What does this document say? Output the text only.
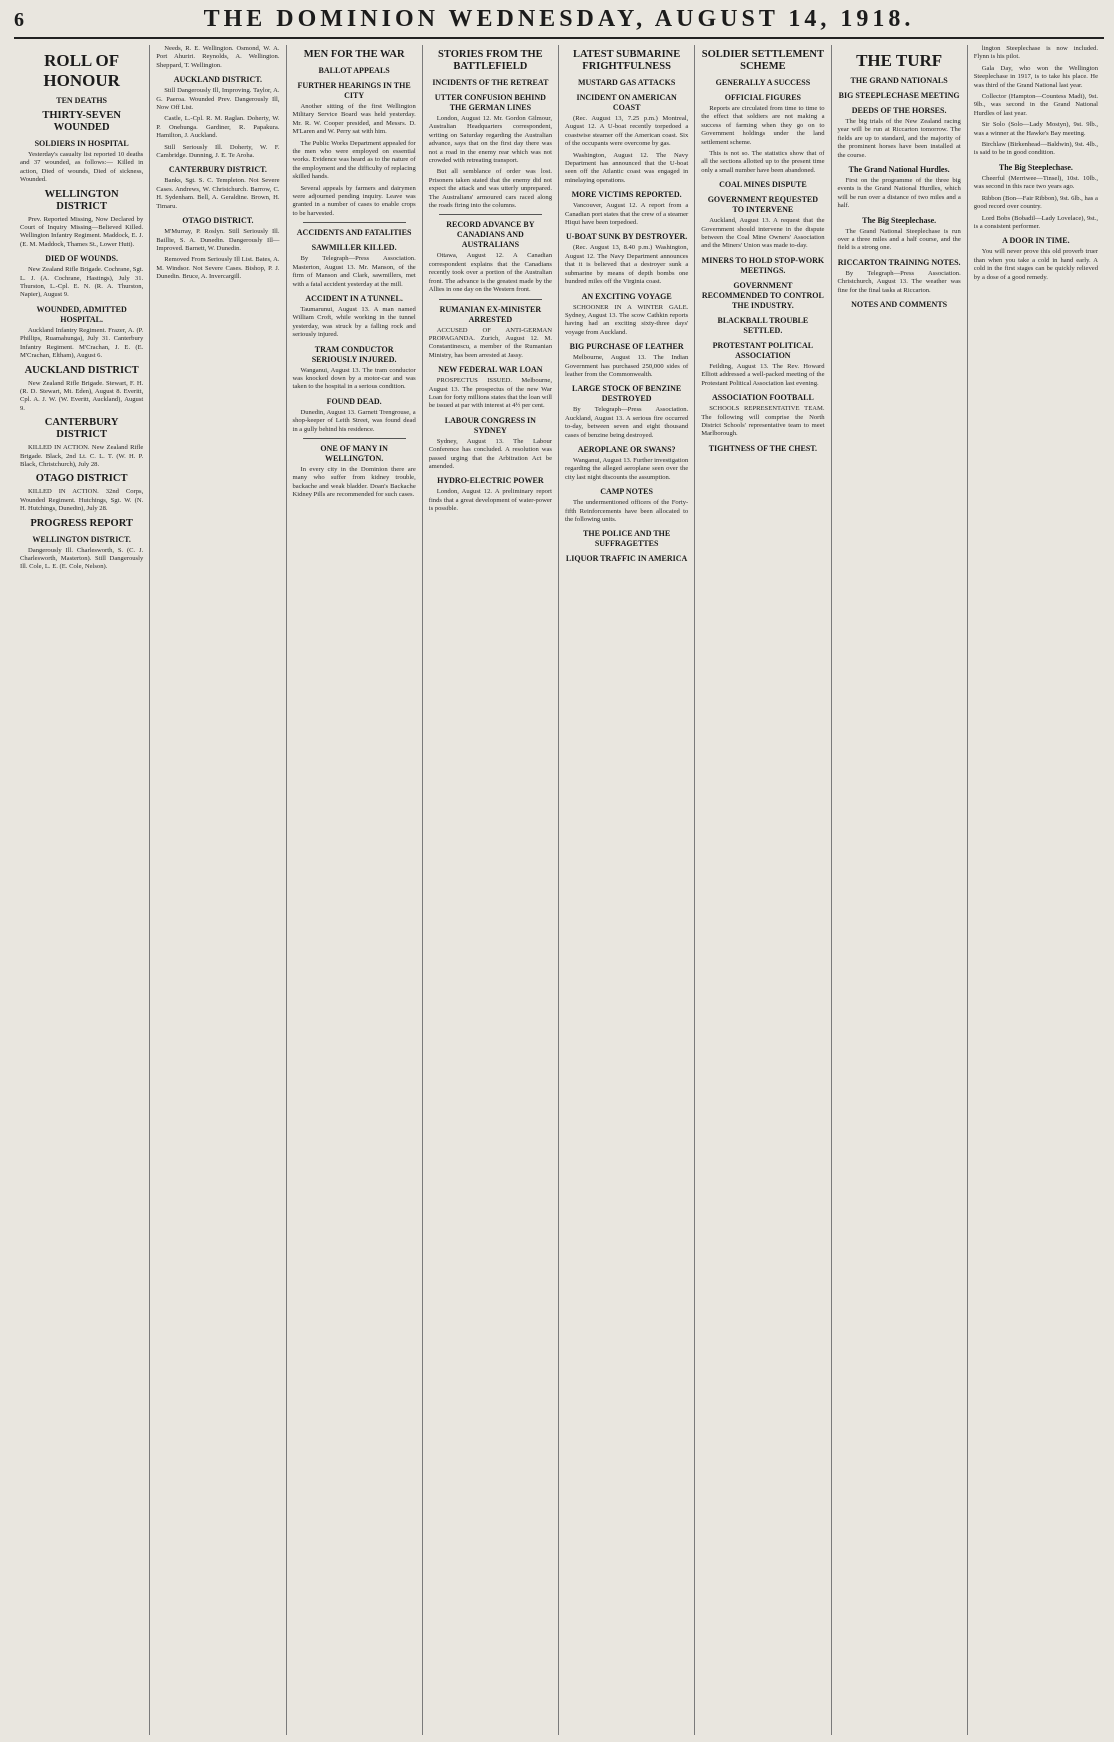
6	THE DOMINION WEDNESDAY, AUGUST 14, 1918.
ROLL OF HONOUR
TEN DEATHS
THIRTY-SEVEN WOUNDED
SOLDIERS IN HOSPITAL

Yesterday's casualty list reported 10 deaths and 37 wounded, as follows:— Killed in action, Died of wounds, Died of sickness, Wounded.

WELLINGTON DISTRICT

Prev. Reported Missing, Now Declared by Court of Inquiry Missing—Believed Killed. Wellington Infantry Regiment. Maddock, E. J. (E. M. Maddock, Thames St., Lower Hutt).

DIED OF WOUNDS.

New Zealand Rifle Brigade. Cochrane, Sgt. L. J. (A. Cochrane, Hastings), July 31. Thurston, L.-Cpl. E. N. (R. A. Thurston, Napier), August 9.

WOUNDED, ADMITTED HOSPITAL.

Auckland Infantry Regiment. Frazer, A. (P. Phillips, Ruamahunga), July 31. Canterbury Infantry Regiment. M'Crachan, J. E. (E. M'Crachan, Eltham), August 6.

AUCKLAND DISTRICT

New Zealand Rifle Brigade. Stewart, F. H. (R. D. Stewart, Mt. Eden), August 8. Everitt, Cpl. A. J. W. (W. Everitt, Auckland), August 9.

CANTERBURY DISTRICT

KILLED IN ACTION. New Zealand Rifle Brigade. Black, 2nd Lt. C. L. T. (W. H. P. Black, Christchurch), July 28.

OTAGO DISTRICT

KILLED IN ACTION. 32nd Corps, Wounded Regiment. Hutchings, Sgt. W. (N. H. Hutchings, Dunedin), July 28.

PROGRESS REPORT
WELLINGTON DISTRICT.

Dangerously Ill. Charlesworth, S. (C. J. Charlesworth, Masterton). Still Dangerously Ill. Cole, L. E. (E. Cole, Nelson).

Needs, R. E. Wellington. Osmond, W. A. Port Ahuriri. Reynolds, A. Wellington. Sheppard, T. Wellington.

AUCKLAND DISTRICT.

Still Dangerously Ill, Improving. Taylor, A. G. Paeroa. Wounded Prev. Dangerously Ill, Now Off List.

Castle, L.-Cpl. R. M. Raglan. Doherty, W. P. Onehunga. Gardiner, R. Papakura. Hamilton, J. Auckland.

Still Seriously Ill. Doherty, W. F. Cambridge. Dunning, J. E. Te Aroha.

CANTERBURY DISTRICT.

Banks, Sgt. S. C. Templeton. Not Severe Cases. Andrews, W. Christchurch. Barrow, C. H. Sydenham. Bell, A. Geraldine. Brown, H. Timaru.

OTAGO DISTRICT.

M'Murray, P. Roslyn. Still Seriously Ill. Baillie, S. A. Dunedin. Dangerously Ill—Improved. Barnett, W. Dunedin.

Removed From Seriously Ill List. Bates, A. M. Windsor. Not Severe Cases. Bishop, P. J. Dunedin. Bruce, A. Invercargill.

MEN FOR THE WAR
BALLOT APPEALS
FURTHER HEARINGS IN THE CITY

Another sitting of the first Wellington Military Service Board was held yesterday. Mr. R. W. Cooper presided, and Messrs. D. M'Laren and W. Perry sat with him.

The Public Works Department appealed for the men who were employed on essential works. Evidence was heard as to the nature of the employment and the difficulty of replacing skilled hands.

Several appeals by farmers and dairymen were adjourned pending inquiry. Leave was granted in a number of cases to enable crops to be harvested.

ACCIDENTS AND FATALITIES
SAWMILLER KILLED.

By Telegraph—Press Association. Masterton, August 13. Mr. Manson, of the firm of Manson and Clark, sawmillers, met with a fatal accident yesterday at the mill.

ACCIDENT IN A TUNNEL.

Taumarunui, August 13. A man named William Croft, while working in the tunnel yesterday, was struck by a falling rock and seriously injured.

TRAM CONDUCTOR SERIOUSLY INJURED.

Wanganui, August 13. The tram conductor was knocked down by a motor-car and was taken to the hospital in a serious condition.

FOUND DEAD.

Dunedin, August 13. Garnett Trengrouse, a shop-keeper of Leith Street, was found dead in a gully behind his residence.

ONE OF MANY IN WELLINGTON.

In every city in the Dominion there are many who suffer from kidney trouble, backache and weak bladder. Doan's Backache Kidney Pills are recommended for such cases.

STORIES FROM THE BATTLEFIELD
INCIDENTS OF THE RETREAT
UTTER CONFUSION BEHIND THE GERMAN LINES

London, August 12. Mr. Gordon Gilmour, Australian Headquarters correspondent, writing on Saturday regarding the Australian advance, says that on the first day there was not a road in the enemy rear which was not crowded with retreating transport.

But all semblance of order was lost. Prisoners taken stated that the enemy did not expect the attack and was utterly unprepared. The Australians' armoured cars raced along the roads firing into the columns.

RECORD ADVANCE BY CANADIANS AND AUSTRALIANS

Ottawa, August 12. A Canadian correspondent explains that the Canadians recently took over a portion of the Australian front. The advance is the greatest made by the Allies in one day on the Western front.

RUMANIAN EX-MINISTER ARRESTED

ACCUSED OF ANTI-GERMAN PROPAGANDA. Zurich, August 12. M. Constantinescu, a member of the Rumanian Ministry, has been arrested at Jassy.

NEW FEDERAL WAR LOAN

PROSPECTUS ISSUED. Melbourne, August 13. The prospectus of the new War Loan for forty millions states that the loan will be issued at par with interest at 4½ per cent.

LABOUR CONGRESS IN SYDNEY

Sydney, August 13. The Labour Conference has concluded. A resolution was passed urging that the Arbitration Act be amended.

HYDRO-ELECTRIC POWER

London, August 12. A preliminary report finds that a great development of water-power is possible.

LATEST SUBMARINE FRIGHTFULNESS
MUSTARD GAS ATTACKS
INCIDENT ON AMERICAN COAST

(Rec. August 13, 7.25 p.m.) Montreal, August 12. A U-boat recently torpedoed a coastwise steamer off the American coast. Six of the occupants were overcome by gas.

Washington, August 12. The Navy Department has announced that the U-boat seen off the Atlantic coast was engaged in minelaying operations.

MORE VICTIMS REPORTED.

Vancouver, August 12. A report from a Canadian port states that the crew of a steamer Hiqui have been torpedoed.

U-BOAT SUNK BY DESTROYER.

(Rec. August 13, 8.40 p.m.) Washington, August 12. The Navy Department announces that it is believed that a destroyer sunk a submarine by means of depth bombs one hundred miles off the Virginia coast.

AN EXCITING VOYAGE

SCHOONER IN A WINTER GALE. Sydney, August 13. The scow Cathkin reports having had an exciting sixty-three days' voyage from Auckland.

BIG PURCHASE OF LEATHER

Melbourne, August 13. The Indian Government has purchased 250,000 sides of leather from the Commonwealth.

LARGE STOCK OF BENZINE DESTROYED

By Telegraph—Press Association. Auckland, August 13. A serious fire occurred to-day, between seven and eight thousand cases of benzine being destroyed.

AEROPLANE OR SWANS?

Wanganui, August 13. Further investigation regarding the alleged aeroplane seen over the city last night discounts the assumption.

CAMP NOTES

The undermentioned officers of the Forty-fifth Reinforcements have been allocated to the following units.

THE POLICE AND THE SUFFRAGETTES
LIQUOR TRAFFIC IN AMERICA
SOLDIER SETTLEMENT SCHEME
GENERALLY A SUCCESS
OFFICIAL FIGURES

Reports are circulated from time to time to the effect that soldiers are not making a success of farming when they go on to Government holdings under the land settlement scheme.

This is not so. The statistics show that of all the sections allotted up to the present time only a small number have been abandoned.

COAL MINES DISPUTE
GOVERNMENT REQUESTED TO INTERVENE

Auckland, August 13. A request that the Government should intervene in the dispute between the Coal Mine Owners' Association and the Miners' Union was made to-day.

MINERS TO HOLD STOP-WORK MEETINGS.
GOVERNMENT RECOMMENDED TO CONTROL THE INDUSTRY.
BLACKBALL TROUBLE SETTLED.
PROTESTANT POLITICAL ASSOCIATION

Feilding, August 13. The Rev. Howard Elliott addressed a well-packed meeting of the Protestant Political Association last evening.

ASSOCIATION FOOTBALL

SCHOOLS REPRESENTATIVE TEAM. The following will comprise the North District Schools' representative team to meet Marlborough.

TIGHTNESS OF THE CHEST.
THE TURF
THE GRAND NATIONALS
BIG STEEPLECHASE MEETING
DEEDS OF THE HORSES.

The big trials of the New Zealand racing year will be run at Riccarton tomorrow. The fields are up to standard, and the majority of the prominent horses have been installed at the course.

The Grand National Hurdles.

First on the programme of the three big events is the Grand National Hurdles, which will be run over a distance of two miles and a half.

The Big Steeplechase.

The Grand National Steeplechase is run over a three miles and a half course, and the field is a strong one.

RICCARTON TRAINING NOTES.

By Telegraph—Press Association. Christchurch, August 13. The weather was fine for the final tasks at Riccarton.

NOTES AND COMMENTS

lington Steeplechase is now included. Flynn is his pilot.

Gala Day, who won the Wellington Steeplechase in 1917, is to take his place. He was third of the Grand National last year.

Collector (Hampton—Countess Madi), 9st. 9lb., was second in the Grand National Hurdles of last year.

Sir Solo (Solo—Lady Mostyn), 9st. 9lb., was a winner at the Hawke's Bay meeting.

Birchlaw (Birkenhead—Baldwin), 9st. 4lb., is said to be in good condition.

The Big Steeplechase.

Cheerful (Merriwee—Tinsel), 10st. 10lb., was second in this race two years ago.

Ribbon (Bon—Fair Ribbon), 9st. 6lb., has a good record over country.

Lord Bobs (Bobadil—Lady Lovelace), 9st., is a consistent performer.

A DOOR IN TIME.

You will never prove this old proverb truer than when you take a cold in hand early. A cold in the first stages can be quickly relieved by a dose of a good remedy.
